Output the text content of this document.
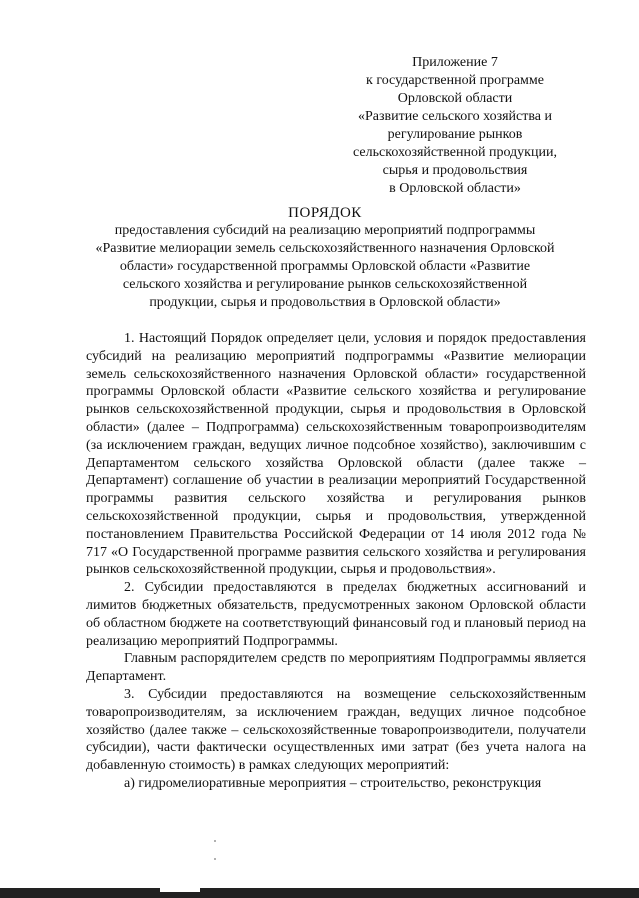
Приложение 7
к государственной программе
Орловской области
«Развитие сельского хозяйства и
регулирование рынков
сельскохозяйственной продукции,
сырья и продовольствия
в Орловской области»
ПОРЯДОК
предоставления субсидий на реализацию мероприятий подпрограммы
«Развитие мелиорации земель сельскохозяйственного назначения Орловской
области» государственной программы Орловской области «Развитие
сельского хозяйства и регулирование рынков сельскохозяйственной
продукции, сырья и продовольствия в Орловской области»

1. Настоящий Порядок определяет цели, условия и порядок предоставления субсидий на реализацию мероприятий подпрограммы «Развитие мелиорации земель сельскохозяйственного назначения Орловской области» государственной программы Орловской области «Развитие сельского хозяйства и регулирование рынков сельскохозяйственной продукции, сырья и продовольствия в Орловской области» (далее – Подпрограмма) сельскохозяйственным товаропроизводителям (за исключением граждан, ведущих личное подсобное хозяйство), заключившим с Департаментом сельского хозяйства Орловской области (далее также – Департамент) соглашение об участии в реализации мероприятий Государственной программы развития сельского хозяйства и регулирования рынков сельскохозяйственной продукции, сырья и продовольствия, утвержденной постановлением Правительства Российской Федерации от 14 июля 2012 года № 717 «О Государственной программе развития сельского хозяйства и регулирования рынков сельскохозяйственной продукции, сырья и продовольствия».

2. Субсидии предоставляются в пределах бюджетных ассигнований и лимитов бюджетных обязательств, предусмотренных законом Орловской области об областном бюджете на соответствующий финансовый год и плановый период на реализацию мероприятий Подпрограммы.

Главным распорядителем средств по мероприятиям Подпрограммы является Департамент.

3. Субсидии предоставляются на возмещение сельскохозяйственным товаропроизводителям, за исключением граждан, ведущих личное подсобное хозяйство (далее также – сельскохозяйственные товаропроизводители, получатели субсидии), части фактически осуществленных ими затрат (без учета налога на добавленную стоимость) в рамках следующих мероприятий:

а) гидромелиоративные мероприятия – строительство, реконструкция
